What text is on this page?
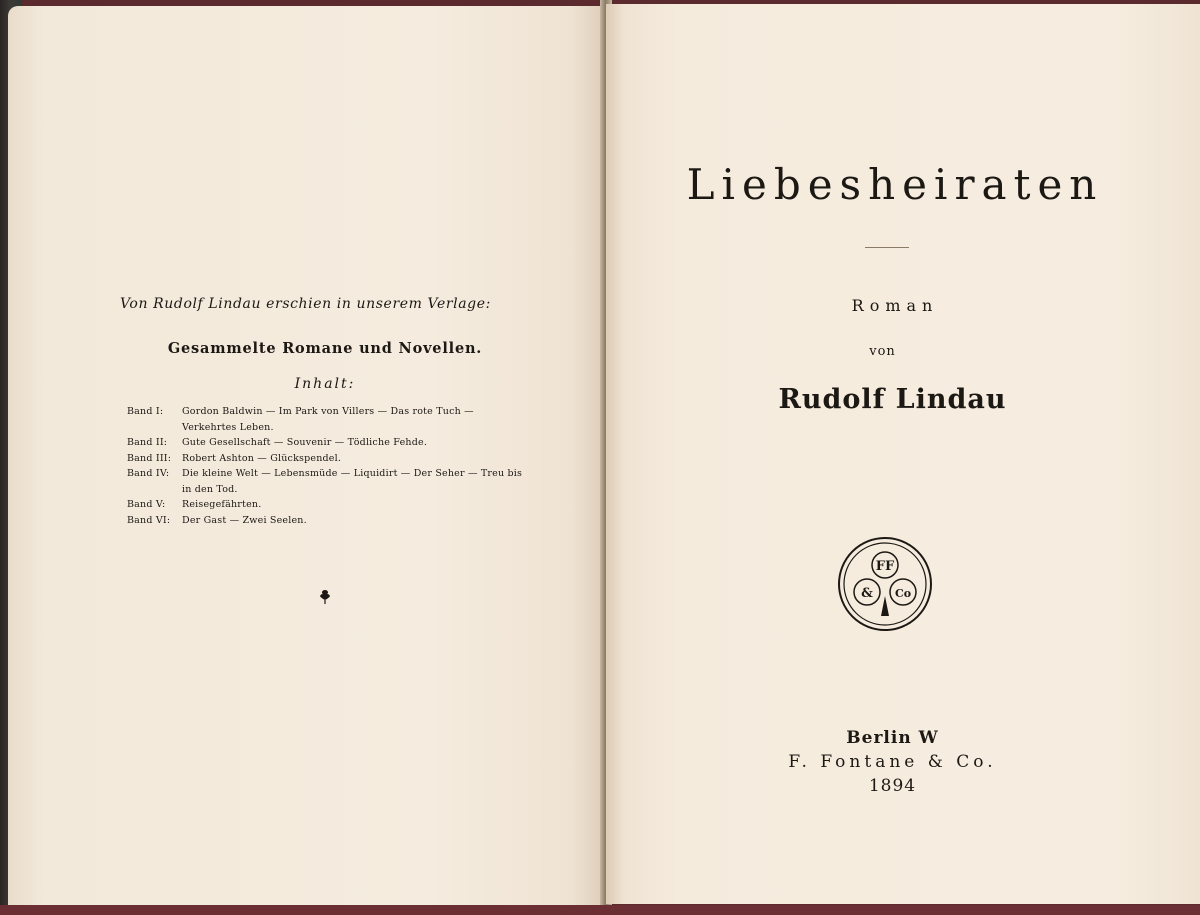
Von Rudolf Lindau erschien in unserem Verlage:
Gesammelte Romane und Novellen.
Inhalt:
Band I:	Gordon Baldwin — Im Park von Villers — Das rote Tuch — Verkehrtes Leben.
Band II:	Gute Gesellschaft — Souvenir — Tödliche Fehde.
Band III:	Robert Ashton — Glückspendel.
Band IV:	Die kleine Welt — Lebensmüde — Liquidirt — Der Seher — Treu bis in den Tod.
Band V:	Reisegefährten.
Band VI:	Der Gast — Zwei Seelen.
Liebesheiraten
Roman
von
Rudolf Lindau
FF
& Co
Berlin W
F. Fontane & Co.
1894
